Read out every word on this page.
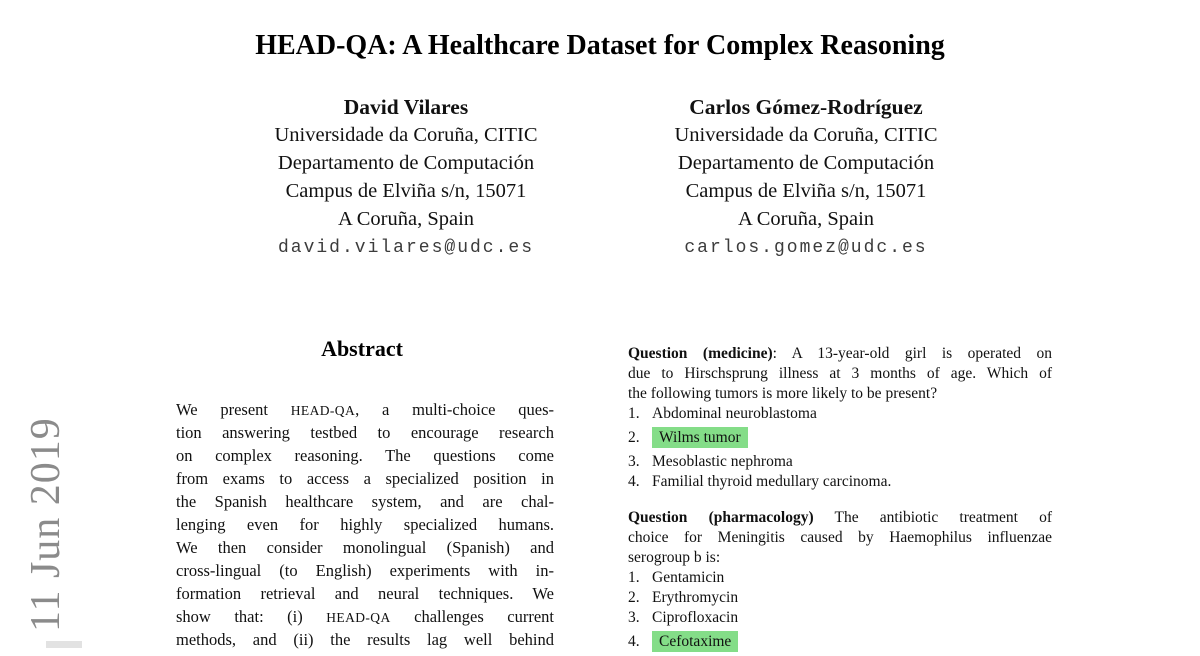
11 Jun 2019
HEAD-QA: A Healthcare Dataset for Complex Reasoning
David Vilares
Universidade da Coruña, CITIC
Departamento de Computación
Campus de Elviña s/n, 15071
A Coruña, Spain
david.vilares@udc.es
Carlos Gómez-Rodríguez
Universidade da Coruña, CITIC
Departamento de Computación
Campus de Elviña s/n, 15071
A Coruña, Spain
carlos.gomez@udc.es
Abstract
We present HEAD-QA, a multi-choice ques-
tion answering testbed to encourage research
on complex reasoning. The questions come
from exams to access a specialized position in
the Spanish healthcare system, and are chal-
lenging even for highly specialized humans.
We then consider monolingual (Spanish) and
cross-lingual (to English) experiments with in-
formation retrieval and neural techniques. We
show that: (i) HEAD-QA challenges current
methods, and (ii) the results lag well behind
Question (medicine): A 13-year-old girl is operated on
due to Hirschsprung illness at 3 months of age. Which of
the following tumors is more likely to be present?
1. Abdominal neuroblastoma
2. Wilms tumor
3. Mesoblastic nephroma
4. Familial thyroid medullary carcinoma.
Question (pharmacology) The antibiotic treatment of
choice for Meningitis caused by Haemophilus influenzae
serogroup b is:
1. Gentamicin
2. Erythromycin
3. Ciprofloxacin
4. Cefotaxime
